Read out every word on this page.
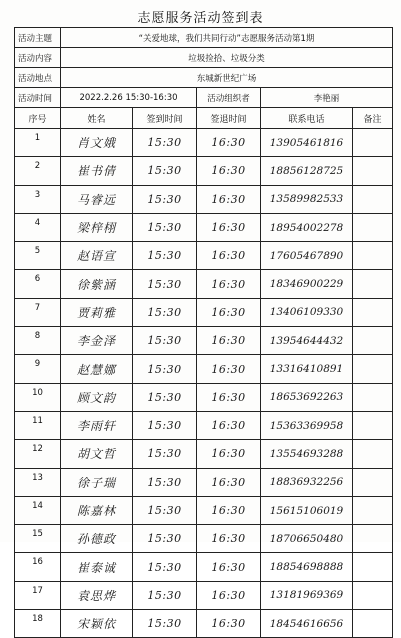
志愿服务活动签到表
活动主题	“关爱地球，我们共同行动”志愿服务活动第1期				
活动内容	垃圾捡拾、垃圾分类				
活动地点	东城新世纪广场				
活动时间	2022.2.26 15:30-16:30		活动组织者	李艳丽	
序号	姓名	签到时间	签退时间	联系电话	备注
1	肖文娥	15:30	16:30	13905461816	
2	崔书倩	15:30	16:30	18856128725	
3	马睿远	15:30	16:30	13589982533	
4	梁梓栩	15:30	16:30	18954002278	
5	赵语宣	15:30	16:30	17605467890	
6	徐紫涵	15:30	16:30	18346900229	
7	贾莉雅	15:30	16:30	13406109330	
8	李金泽	15:30	16:30	13954644432	
9	赵慧娜	15:30	16:30	13316410891	
10	顾文韵	15:30	16:30	18653692263	
11	李雨轩	15:30	16:30	15363369958	
12	胡文哲	15:30	16:30	13554693288	
13	徐子瑞	15:30	16:30	18836932256	
14	陈嘉林	15:30	16:30	15615106019	
15	孙德政	15:30	16:30	18706650480	
16	崔泰诚	15:30	16:30	18854698888	
17	袁思烨	15:30	16:30	13181969369	
18	宋颖依	15:30	16:30	18454616656	
